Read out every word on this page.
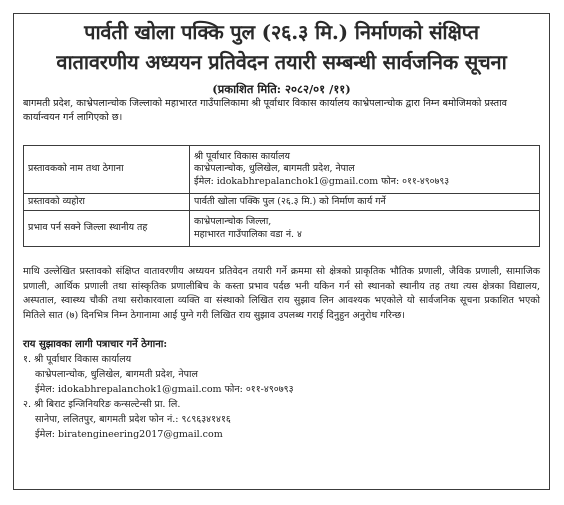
पार्वती खोला पक्कि पुल (२६.३ मि.) निर्माणको संक्षिप्त
वातावरणीय अध्ययन प्रतिवेदन तयारी सम्बन्धी सार्वजनिक सूचना
(प्रकाशित मिति: २०८२/०१ /११)
बागमती प्रदेश, काभ्रेपलान्चोक जिल्लाको महाभारत गाउँपालिकामा श्री पूर्वाधार विकास कार्यालय काभ्रेपलान्चोक द्वारा निम्न बमोजिमको प्रस्ताव कार्यान्वयन गर्न लागिएको छ।
प्रस्तावकको नाम तथा ठेगाना	श्री पूर्वाधार विकास कार्यालय
काभ्रेपलान्चोक, धुलिखेल, बागमती प्रदेश, नेपाल
ईमेल: idokabhrepalanchok1@gmail.com फोन: ०११-४९०७९३

प्रस्तावको व्यहोरा	पार्वती खोला पक्कि पुल (२६.३ मि.) को निर्माण कार्य गर्ने

प्रभाव पर्न सक्ने जिल्ला स्थानीय तह	काभ्रेपलान्चोक जिल्ला,
महाभारत गाउँपालिका वडा नं. ४
माथि उल्लेखित प्रस्तावको संक्षिप्त वातावरणीय अध्ययन प्रतिवेदन तयारी गर्ने क्रममा सो क्षेत्रको प्राकृतिक भौतिक प्रणाली, जैविक प्रणाली, सामाजिक प्रणाली, आर्थिक प्रणाली तथा सांस्कृतिक प्रणालीबिच के कस्ता प्रभाव पर्दछ भनी यकिन गर्न सो स्थानको स्थानीय तह तथा त्यस क्षेत्रका विद्यालय, अस्पताल, स्वास्थ्य चौकी तथा सरोकारवाला व्यक्ति वा संस्थाको लिखित राय सुझाव लिन आवश्यक भएकोले यो सार्वजनिक सूचना प्रकाशित भएको मितिले सात (७) दिनभित्र निम्न ठेगानामा आई पुग्ने गरी लिखित राय सुझाव उपलब्ध गराई दिनुहुन अनुरोध गरिन्छ।
राय सुझावका लागी पत्राचार गर्ने ठेगाना:
१. श्री पूर्वाधार विकास कार्यालय
काभ्रेपलान्चोक, धुलिखेल, बागमती प्रदेश, नेपाल
ईमेल: idokabhrepalanchok1@gmail.com फोन: ०११-४९०७९३
२. श्री बिराट इन्जिनियरिङ कन्सल्टेन्सी प्रा. लि.
सानेपा, ललितपुर, बागमती प्रदेश फोन नं.: ९८९६३४१४१६
ईमेल: biratengineering2017@gmail.com
